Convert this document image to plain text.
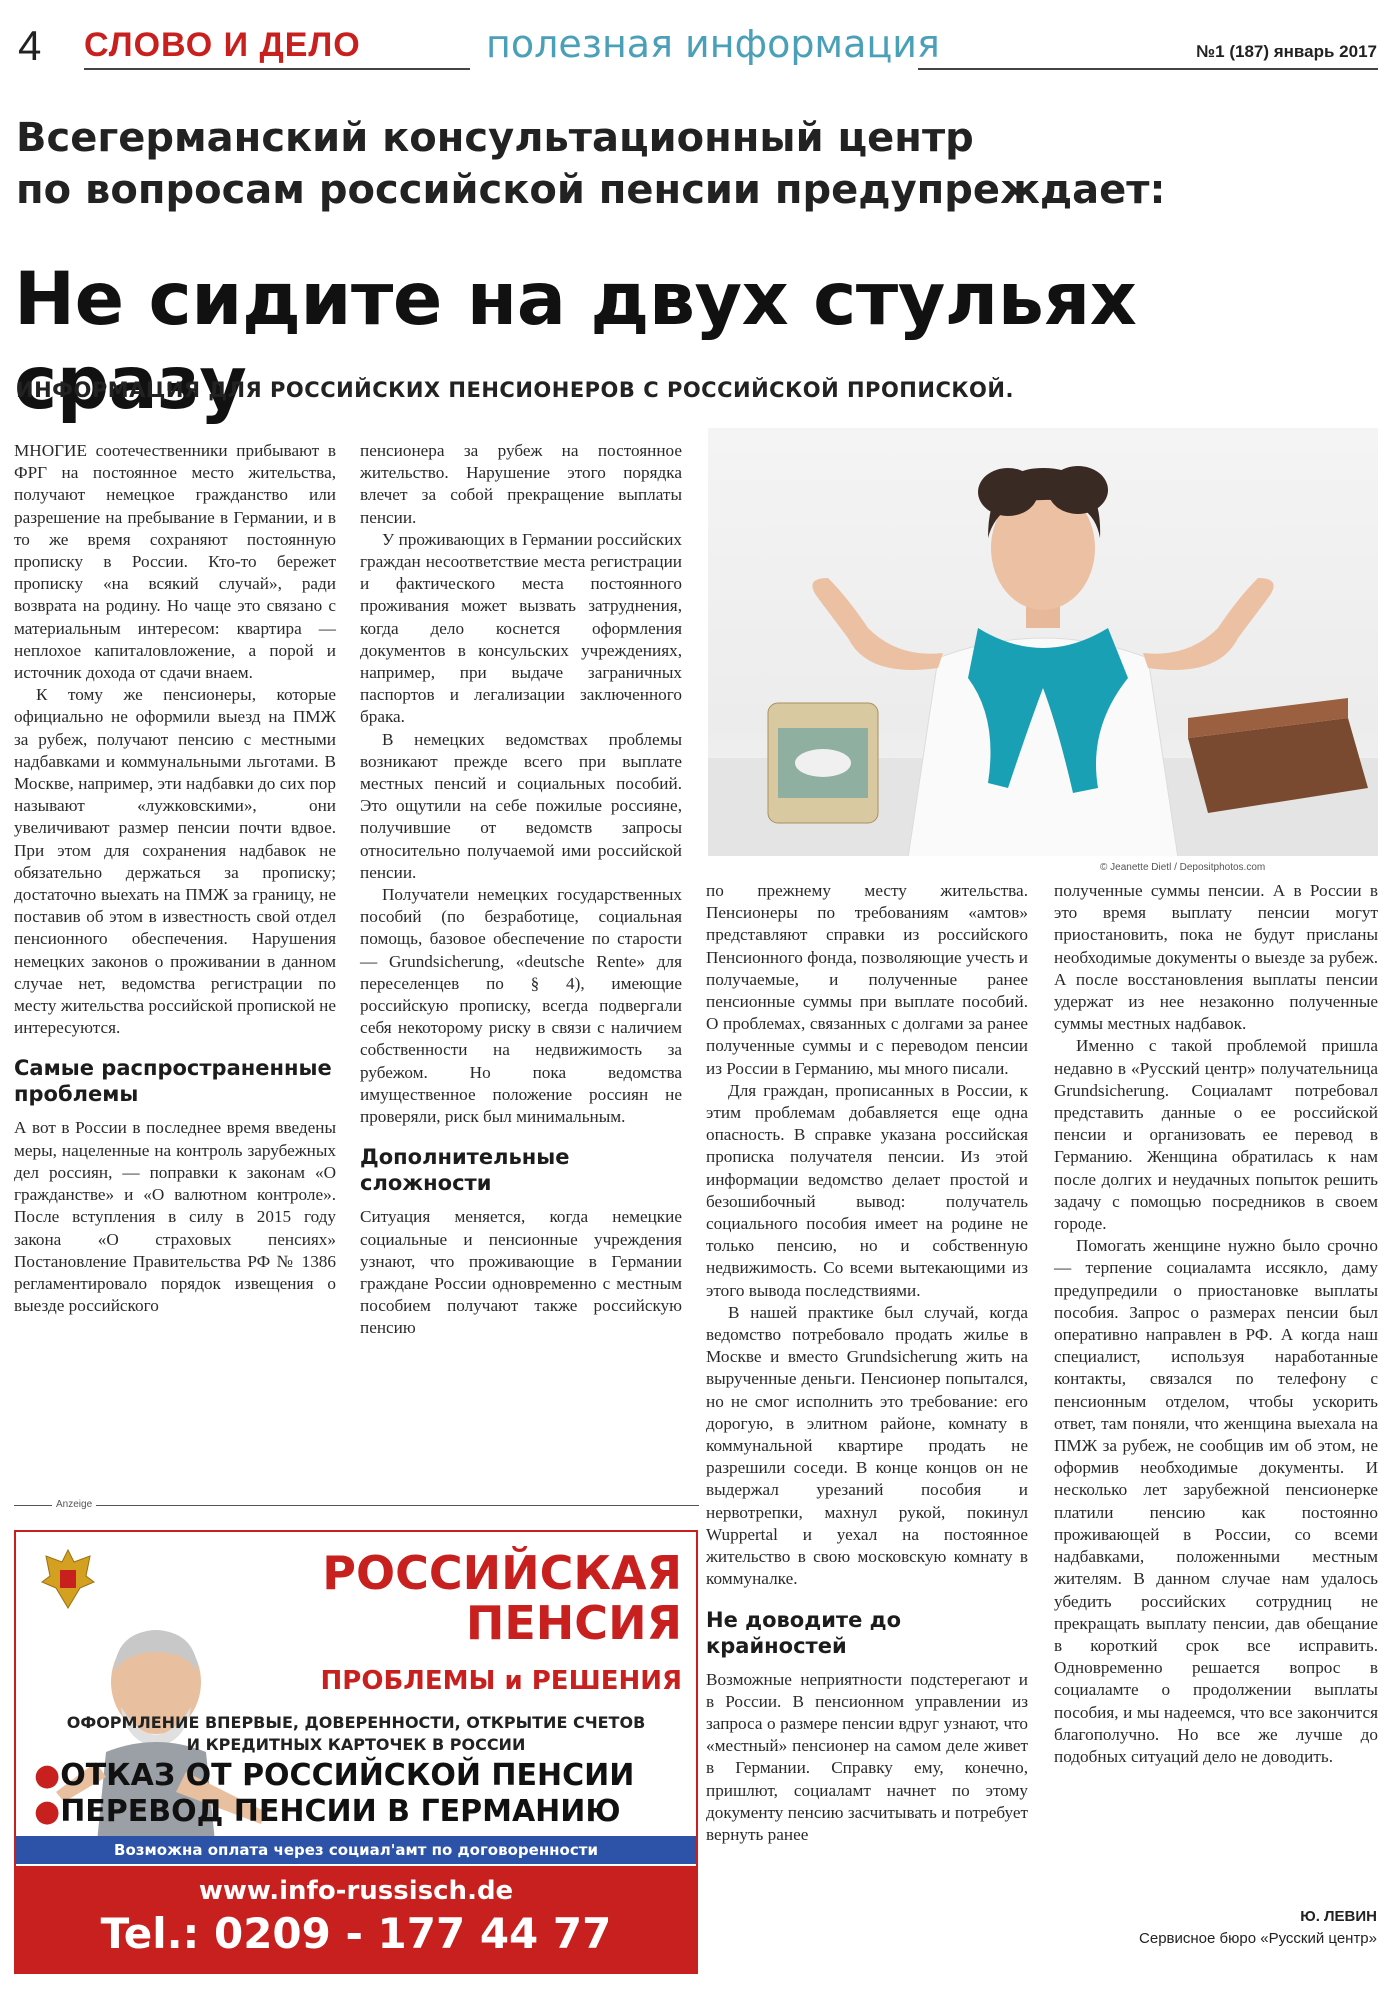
4 СЛОВО И ДЕЛО	полезная информация	№1 (187) январь 2017
Всегерманский консультационный центр
по вопросам российской пенсии предупреждает:
Не сидите на двух стульях сразу
ИНФОРМАЦИЯ ДЛЯ РОССИЙСКИХ ПЕНСИОНЕРОВ С РОССИЙСКОЙ ПРОПИСКОЙ.

МНОГИЕ соотечественники прибывают в ФРГ на постоянное место жительства, получают немецкое гражданство или разрешение на пребывание в Германии, и в то же время сохраняют постоянную прописку в России. Кто-то бережет прописку «на всякий случай», ради возврата на родину. Но чаще это связано с материальным интересом: квартира — неплохое капиталовложение, а порой и источник дохода от сдачи внаем.

К тому же пенсионеры, которые официально не оформили выезд на ПМЖ за рубеж, получают пенсию с местными надбавками и коммунальными льготами. В Москве, например, эти надбавки до сих пор называют «лужковскими», они увеличивают размер пенсии почти вдвое. При этом для сохранения надбавок не обязательно держаться за прописку; достаточно выехать на ПМЖ за границу, не поставив об этом в известность свой отдел пенсионного обеспечения. Нарушения немецких законов о проживании в данном случае нет, ведомства регистрации по месту жительства российской пропиской не интересуются.

Самые распространенные проблемы

А вот в России в последнее время введены меры, нацеленные на контроль зарубежных дел россиян, — поправки к законам «О гражданстве» и «О валютном контроле». После вступления в силу в 2015 году закона «О страховых пенсиях» Постановление Правительства РФ № 1386 регламентировало порядок извещения о выезде российского

пенсионера за рубеж на постоянное жительство. Нарушение этого порядка влечет за собой прекращение выплаты пенсии.

У проживающих в Германии российских граждан несоответствие места регистрации и фактического места постоянного проживания может вызвать затруднения, когда дело коснется оформления документов в консульских учреждениях, например, при выдаче заграничных паспортов и легализации заключенного брака.

В немецких ведомствах проблемы возникают прежде всего при выплате местных пенсий и социальных пособий. Это ощутили на себе пожилые россияне, получившие от ведомств запросы относительно получаемой ими российской пенсии.

Получатели немецких государственных пособий (по безработице, социальная помощь, базовое обеспечение по старости — Grundsicherung, «deutsche Rente» для переселенцев по § 4), имеющие российскую прописку, всегда подвергали себя некоторому риску в связи с наличием собственности на недвижимость за рубежом. Но пока ведомства имущественное положение россиян не проверяли, риск был минимальным.

Дополнительные сложности

Ситуация меняется, когда немецкие социальные и пенсионные учреждения узнают, что проживающие в Германии граждане России одновременно с местным пособием получают также российскую пенсию

© Jeanette Dietl / Depositphotos.com

по прежнему месту жительства. Пенсионеры по требованиям «амтов» представляют справки из российского Пенсионного фонда, позволяющие учесть и получаемые, и полученные ранее пенсионные суммы при выплате пособий. О проблемах, связанных с долгами за ранее полученные суммы и с переводом пенсии из России в Германию, мы много писали.

Для граждан, прописанных в России, к этим проблемам добавляется еще одна опасность. В справке указана российская прописка получателя пенсии. Из этой информации ведомство делает простой и безошибочный вывод: получатель социального пособия имеет на родине не только пенсию, но и собственную недвижимость. Со всеми вытекающими из этого вывода последствиями.

В нашей практике был случай, когда ведомство потребовало продать жилье в Москве и вместо Grundsicherung жить на вырученные деньги. Пенсионер попытался, но не смог исполнить это требование: его дорогую, в элитном районе, комнату в коммунальной квартире продать не разрешили соседи. В конце концов он не выдержал урезаний пособия и нервотрепки, махнул рукой, покинул Wuppertal и уехал на постоянное жительство в свою московскую комнату в коммуналке.

Не доводите до крайностей

Возможные неприятности подстерегают и в России. В пенсионном управлении из запроса о размере пенсии вдруг узнают, что «местный» пенсионер на самом деле живет в Германии. Справку ему, конечно, пришлют, социаламт начнет по этому документу пенсию засчитывать и потребует вернуть ранее

полученные суммы пенсии. А в России в это время выплату пенсии могут приостановить, пока не будут присланы необходимые документы о выезде за рубеж. А после восстановления выплаты пенсии удержат из нее незаконно полученные суммы местных надбавок.

Именно с такой проблемой пришла недавно в «Русский центр» получательница Grundsicherung. Социаламт потребовал представить данные о ее российской пенсии и организовать ее перевод в Германию. Женщина обратилась к нам после долгих и неудачных попыток решить задачу с помощью посредников в своем городе.

Помогать женщине нужно было срочно — терпение социаламта иссякло, даму предупредили о приостановке выплаты пособия. Запрос о размерах пенсии был оперативно направлен в РФ. А когда наш специалист, используя наработанные контакты, связался по телефону с пенсионным отделом, чтобы ускорить ответ, там поняли, что женщина выехала на ПМЖ за рубеж, не сообщив им об этом, не оформив необходимые документы. И несколько лет зарубежной пенсионерке платили пенсию как постоянно проживающей в России, со всеми надбавками, положенными местным жителям. В данном случае нам удалось убедить российских сотрудниц не прекращать выплату пенсии, дав обещание в короткий срок все исправить. Одновременно решается вопрос в социаламте о продолжении выплаты пособия, и мы надеемся, что все закончится благополучно. Но все же лучше до подобных ситуаций дело не доводить.

Ю. ЛЕВИН
Сервисное бюро «Русский центр»
Anzeige
РОССИЙСКАЯ
ПЕНСИЯ
ПРОБЛЕМЫ и РЕШЕНИЯ
ОФОРМЛЕНИЕ ВПЕРВЫЕ, ДОВЕРЕННОСТИ, ОТКРЫТИЕ СЧЕТОВ
И КРЕДИТНЫХ КАРТОЧЕК В РОССИИ
●ОТКАЗ ОТ РОССИЙСКОЙ ПЕНСИИ
●ПЕРЕВОД ПЕНСИИ В ГЕРМАНИЮ
Возможна оплата через социал'амт по договоренности
www.info-russisch.de
Tel.: 0209 - 177 44 77
